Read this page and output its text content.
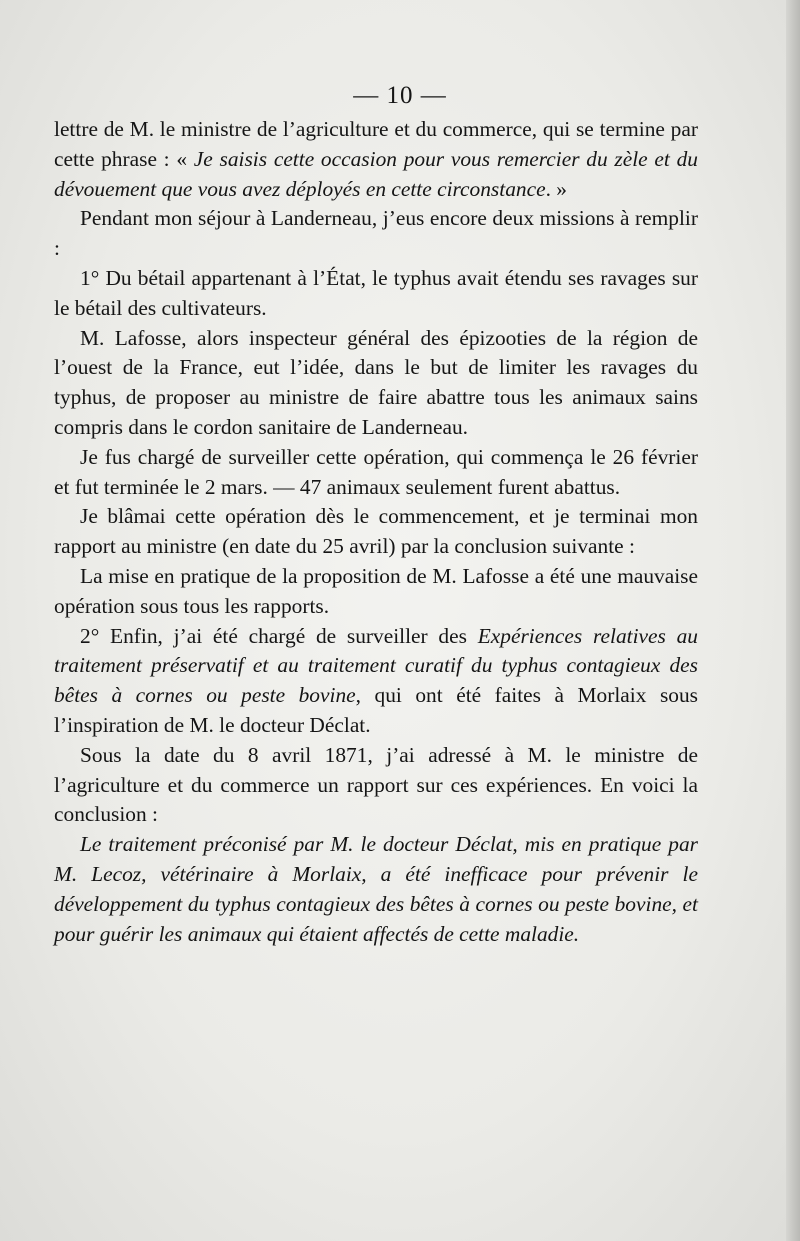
— 10 —

lettre de M. le ministre de l’agriculture et du commerce, qui se termine par cette phrase : « Je saisis cette occasion pour vous remercier du zèle et du dévouement que vous avez déployés en cette circonstance. »

Pendant mon séjour à Landerneau, j’eus encore deux missions à remplir :

1° Du bétail appartenant à l’État, le typhus avait étendu ses ravages sur le bétail des cultivateurs.

M. Lafosse, alors inspecteur général des épizooties de la région de l’ouest de la France, eut l’idée, dans le but de limiter les ravages du typhus, de proposer au ministre de faire abattre tous les animaux sains compris dans le cordon sanitaire de Landerneau.

Je fus chargé de surveiller cette opération, qui commença le 26 février et fut terminée le 2 mars. — 47 animaux seulement furent abattus.

Je blâmai cette opération dès le commencement, et je terminai mon rapport au ministre (en date du 25 avril) par la conclusion suivante :

La mise en pratique de la proposition de M. Lafosse a été une mauvaise opération sous tous les rapports.

2° Enfin, j’ai été chargé de surveiller des Expériences relatives au traitement préservatif et au traitement curatif du typhus contagieux des bêtes à cornes ou peste bovine, qui ont été faites à Morlaix sous l’inspiration de M. le docteur Déclat.

Sous la date du 8 avril 1871, j’ai adressé à M. le ministre de l’agriculture et du commerce un rapport sur ces expériences. En voici la conclusion :

Le traitement préconisé par M. le docteur Déclat, mis en pratique par M. Lecoz, vétérinaire à Morlaix, a été inefficace pour prévenir le développement du typhus contagieux des bêtes à cornes ou peste bovine, et pour guérir les animaux qui étaient affectés de cette maladie.
